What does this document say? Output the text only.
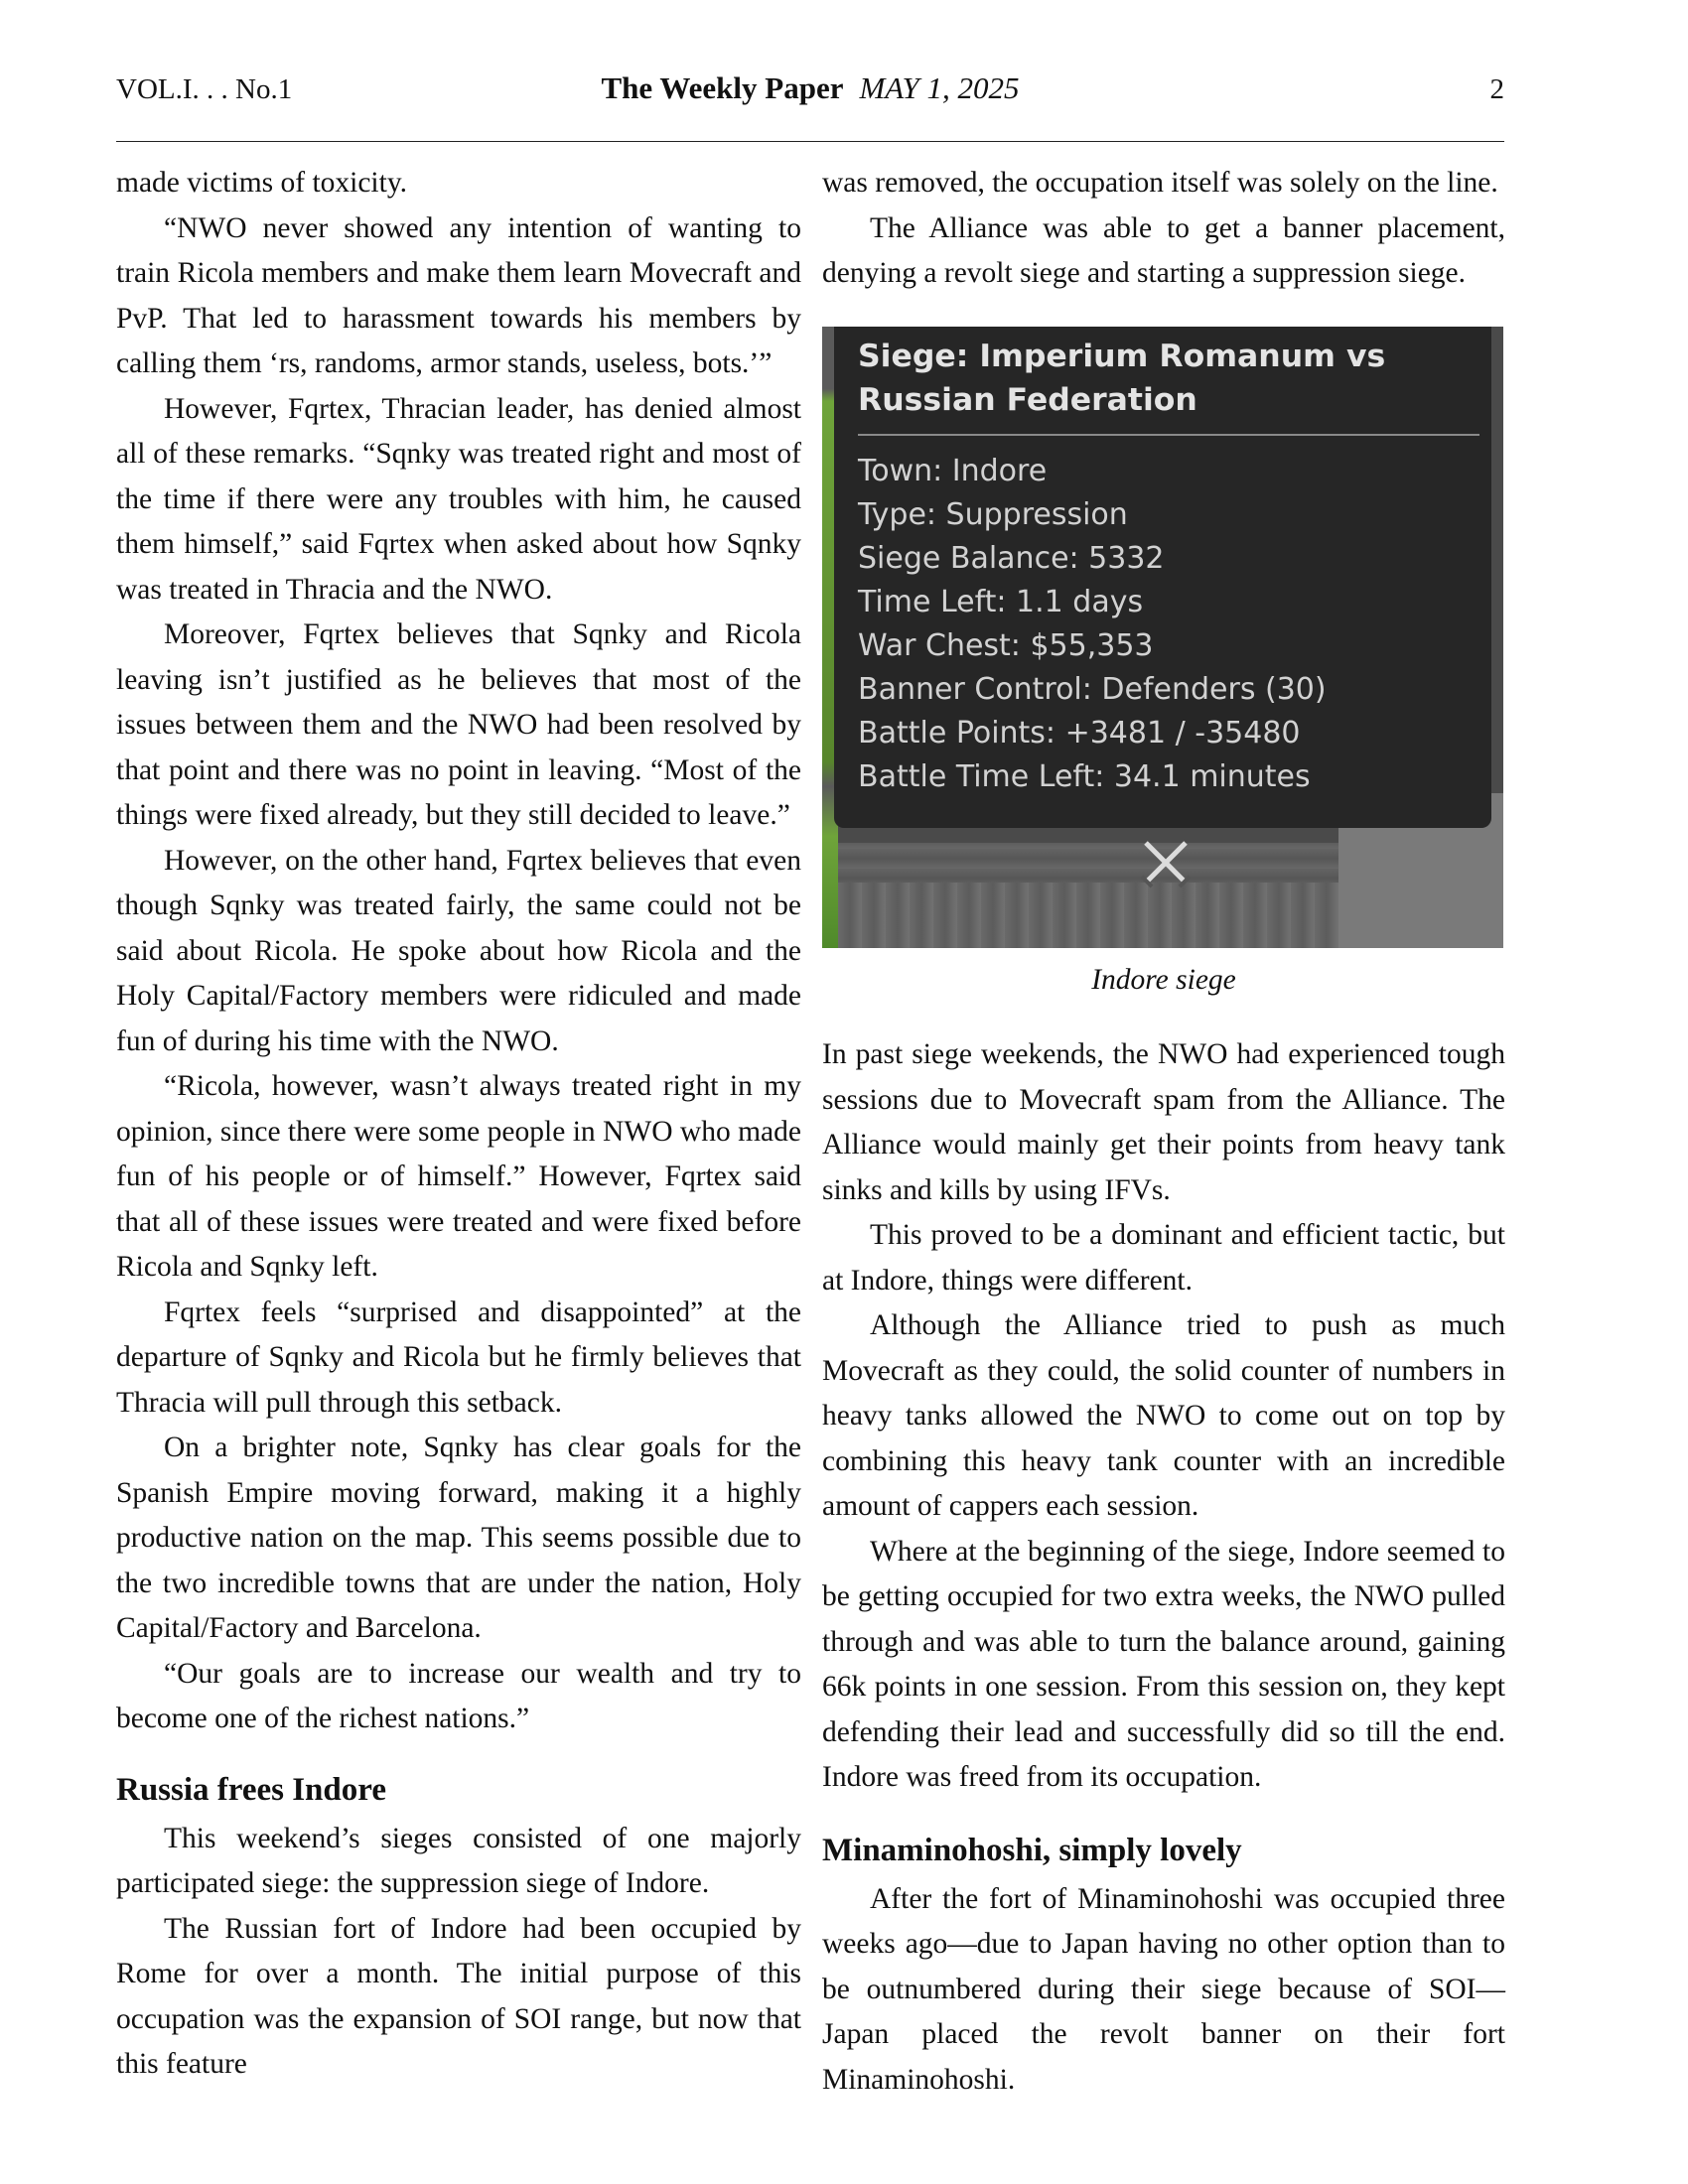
VOL.I. . . No.1	The Weekly Paper MAY 1, 2025	2

made victims of toxicity.

“NWO never showed any intention of wanting to train Ricola members and make them learn Movecraft and PvP. That led to harassment towards his members by calling them ‘rs, randoms, armor stands, useless, bots.’”

However, Fqrtex, Thracian leader, has denied almost all of these remarks. “Sqnky was treated right and most of the time if there were any troubles with him, he caused them himself,” said Fqrtex when asked about how Sqnky was treated in Thracia and the NWO.

Moreover, Fqrtex believes that Sqnky and Ricola leaving isn’t justified as he believes that most of the issues between them and the NWO had been resolved by that point and there was no point in leaving. “Most of the things were fixed already, but they still decided to leave.”

However, on the other hand, Fqrtex believes that even though Sqnky was treated fairly, the same could not be said about Ricola. He spoke about how Ricola and the Holy Capital/Factory members were ridiculed and made fun of during his time with the NWO.

“Ricola, however, wasn’t always treated right in my opinion, since there were some people in NWO who made fun of his people or of himself.” However, Fqrtex said that all of these issues were treated and were fixed before Ricola and Sqnky left.

Fqrtex feels “surprised and disappointed” at the departure of Sqnky and Ricola but he firmly believes that Thracia will pull through this setback.

On a brighter note, Sqnky has clear goals for the Spanish Empire moving forward, making it a highly productive nation on the map. This seems possible due to the two incredible towns that are under the nation, Holy Capital/Factory and Barcelona.

“Our goals are to increase our wealth and try to become one of the richest nations.”

Russia frees Indore

This weekend’s sieges consisted of one majorly participated siege: the suppression siege of Indore.

The Russian fort of Indore had been occupied by Rome for over a month. The initial purpose of this occupation was the expansion of SOI range, but now that this feature

was removed, the occupation itself was solely on the line.

The Alliance was able to get a banner placement, denying a revolt siege and starting a suppression siege.

Siege: Imperium Romanum vs Russian Federation
Town: Indore
Type: Suppression
Siege Balance: 5332
Time Left: 1.1 days
War Chest: $55,353
Banner Control: Defenders (30)
Battle Points: +3481 / -35480
Battle Time Left: 34.1 minutes

Indore siege

In past siege weekends, the NWO had experienced tough sessions due to Movecraft spam from the Alliance. The Alliance would mainly get their points from heavy tank sinks and kills by using IFVs.

This proved to be a dominant and efficient tactic, but at Indore, things were different.

Although the Alliance tried to push as much Movecraft as they could, the solid counter of numbers in heavy tanks allowed the NWO to come out on top by combining this heavy tank counter with an incredible amount of cappers each session.

Where at the beginning of the siege, Indore seemed to be getting occupied for two extra weeks, the NWO pulled through and was able to turn the balance around, gaining 66k points in one session. From this session on, they kept defending their lead and successfully did so till the end. Indore was freed from its occupation.

Minaminohoshi, simply lovely

After the fort of Minaminohoshi was occupied three weeks ago—due to Japan having no other option than to be outnumbered during their siege because of SOI—Japan placed the revolt banner on their fort Minaminohoshi.
